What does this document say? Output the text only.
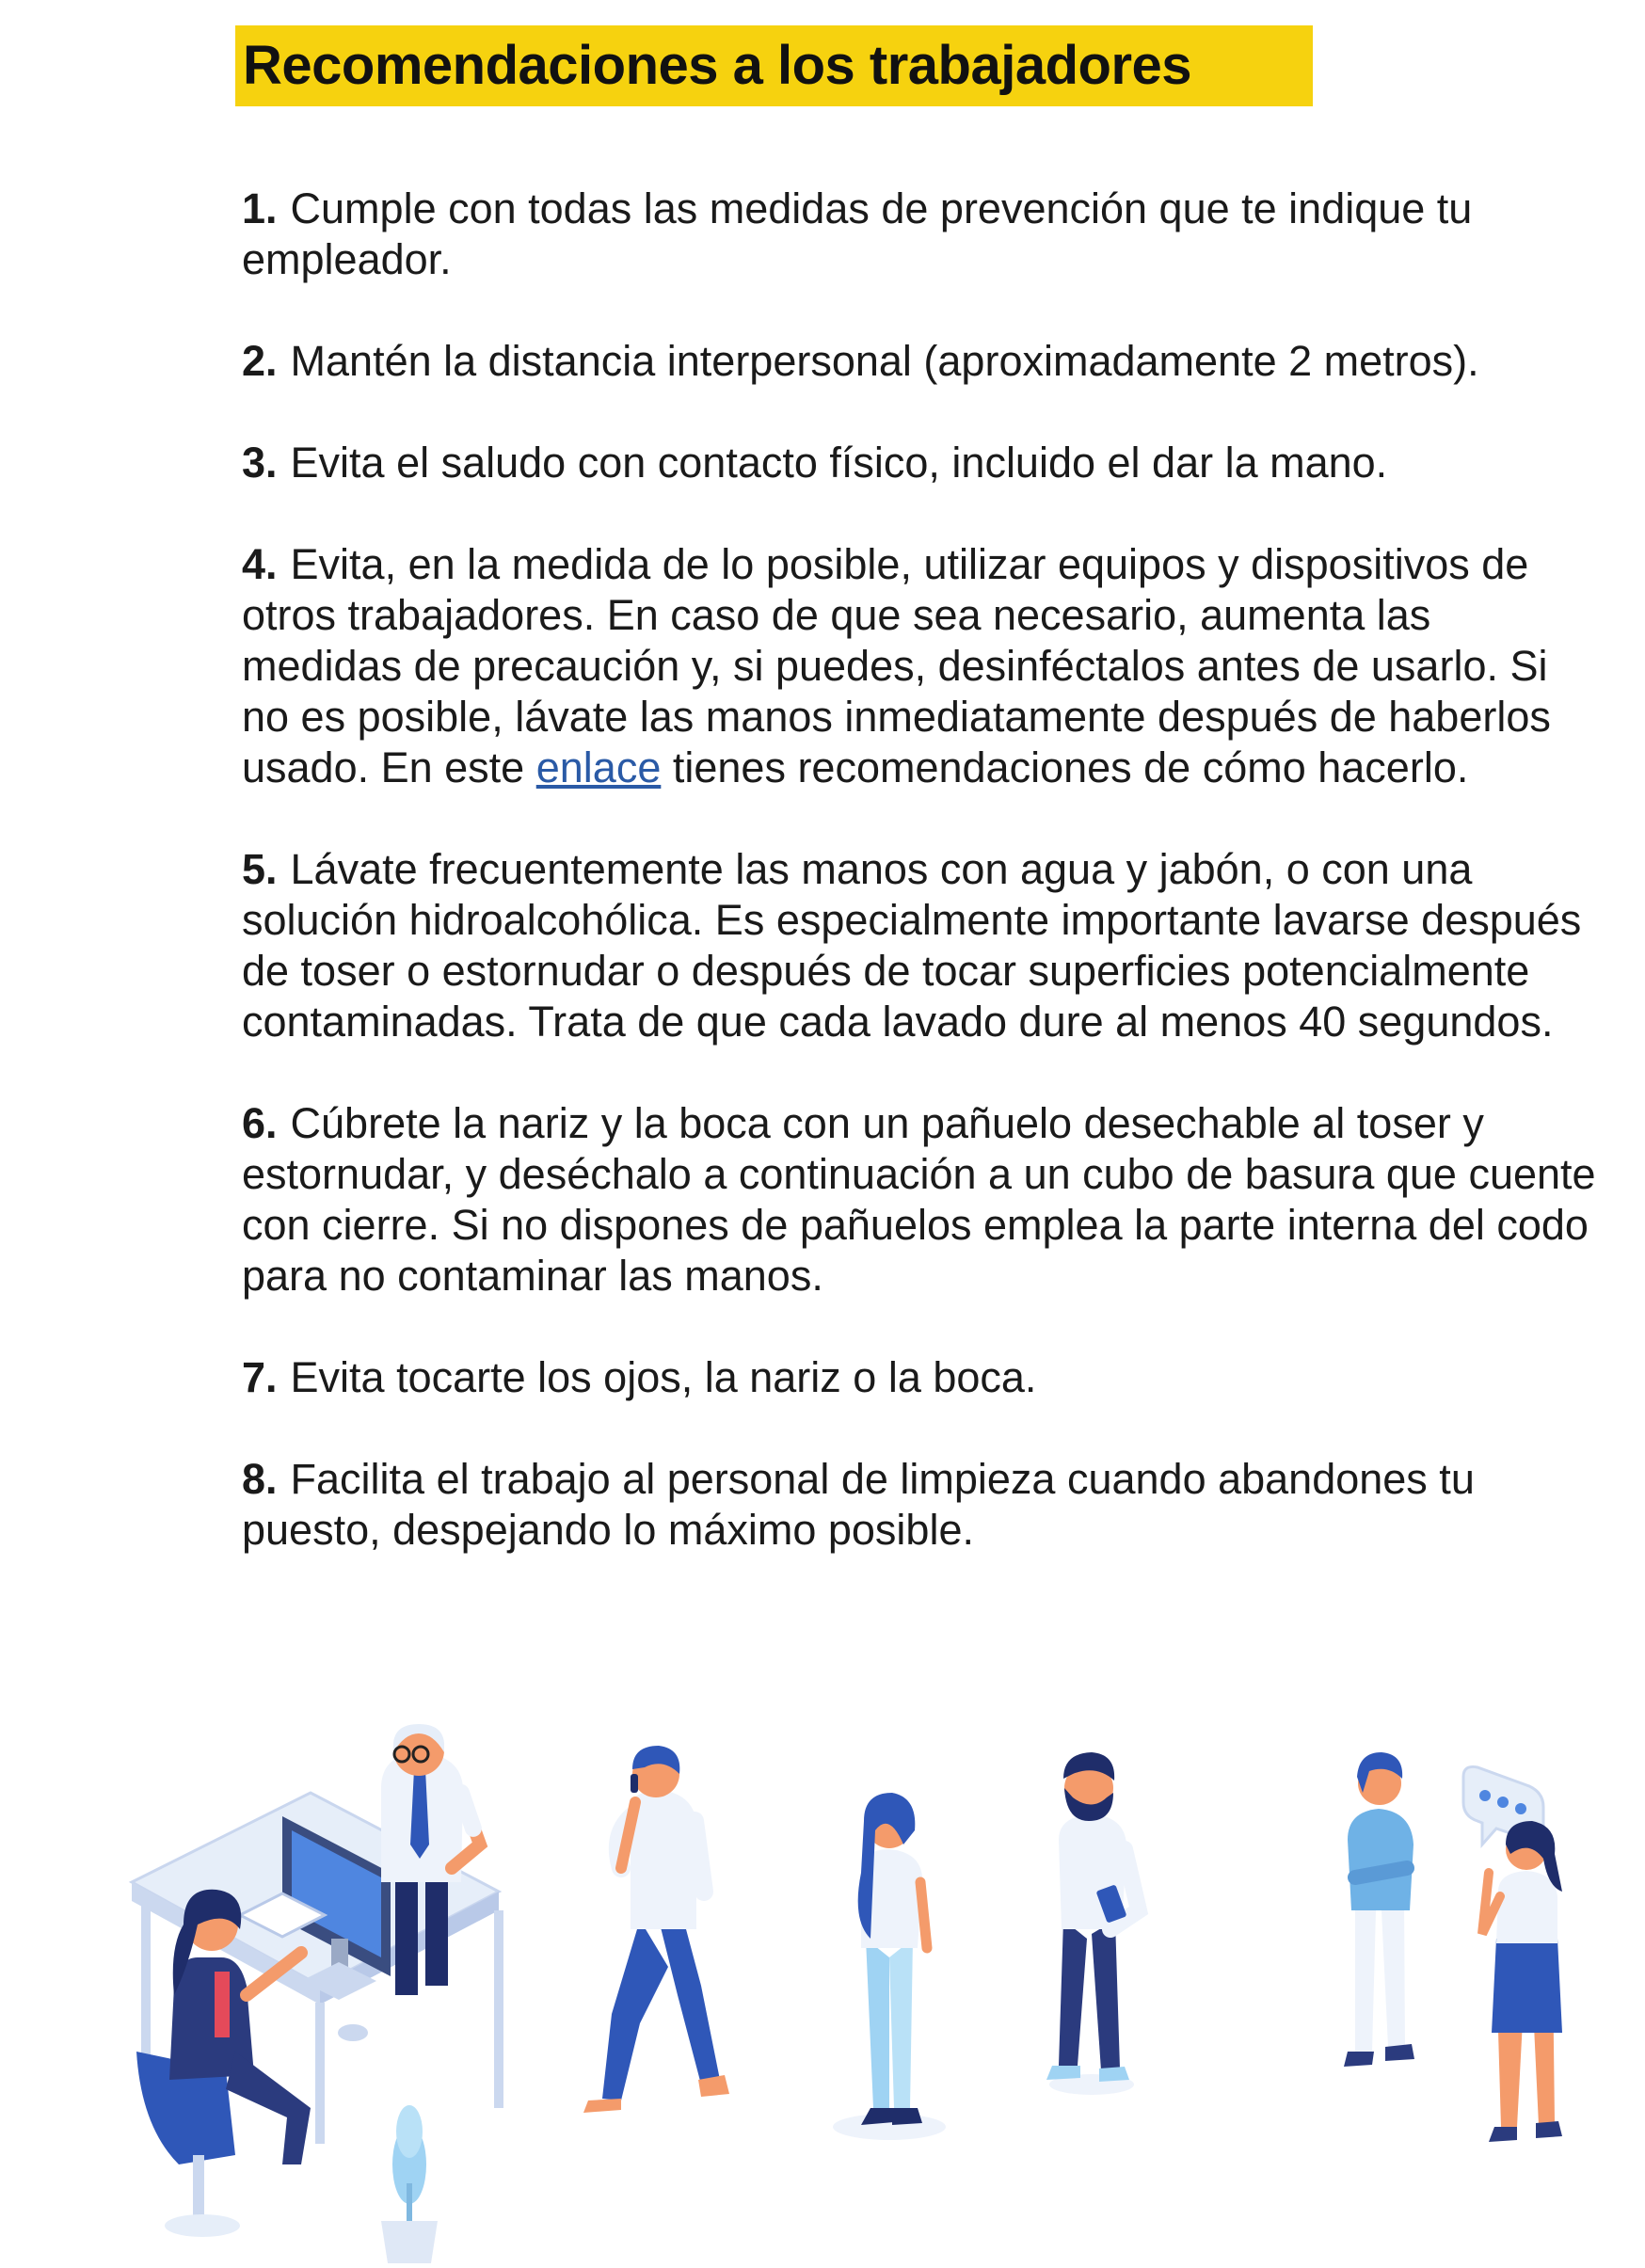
Recomendaciones a los trabajadores

1. Cumple con todas las medidas de prevención que te indique tu empleador.

2. Mantén la distancia interpersonal (aproximadamente 2 metros).

3. Evita el saludo con contacto físico, incluido el dar la mano.

4. Evita, en la medida de lo posible, utilizar equipos y dispositivos de otros trabajadores. En caso de que sea necesario, aumenta las medidas de precaución y, si puedes, desinféctalos antes de usarlo. Si no es posible, lávate las manos inmediatamente después de haberlos usado. En este enlace tienes recomendaciones de cómo hacerlo.

5. Lávate frecuentemente las manos con agua y jabón, o con una solución hidroalcohólica. Es especialmente importante lavarse después de toser o estornudar o después de tocar superficies potencialmente contaminadas. Trata de que cada lavado dure al menos 40 segundos.

6. Cúbrete la nariz y la boca con un pañuelo desechable al toser y estornudar, y deséchalo a continuación a un cubo de basura que cuente con cierre. Si no dispones de pañuelos emplea la parte interna del codo para no contaminar las manos.

7. Evita tocarte los ojos, la nariz o la boca.

8. Facilita el trabajo al personal de limpieza cuando abandones tu puesto, despejando lo máximo posible.
